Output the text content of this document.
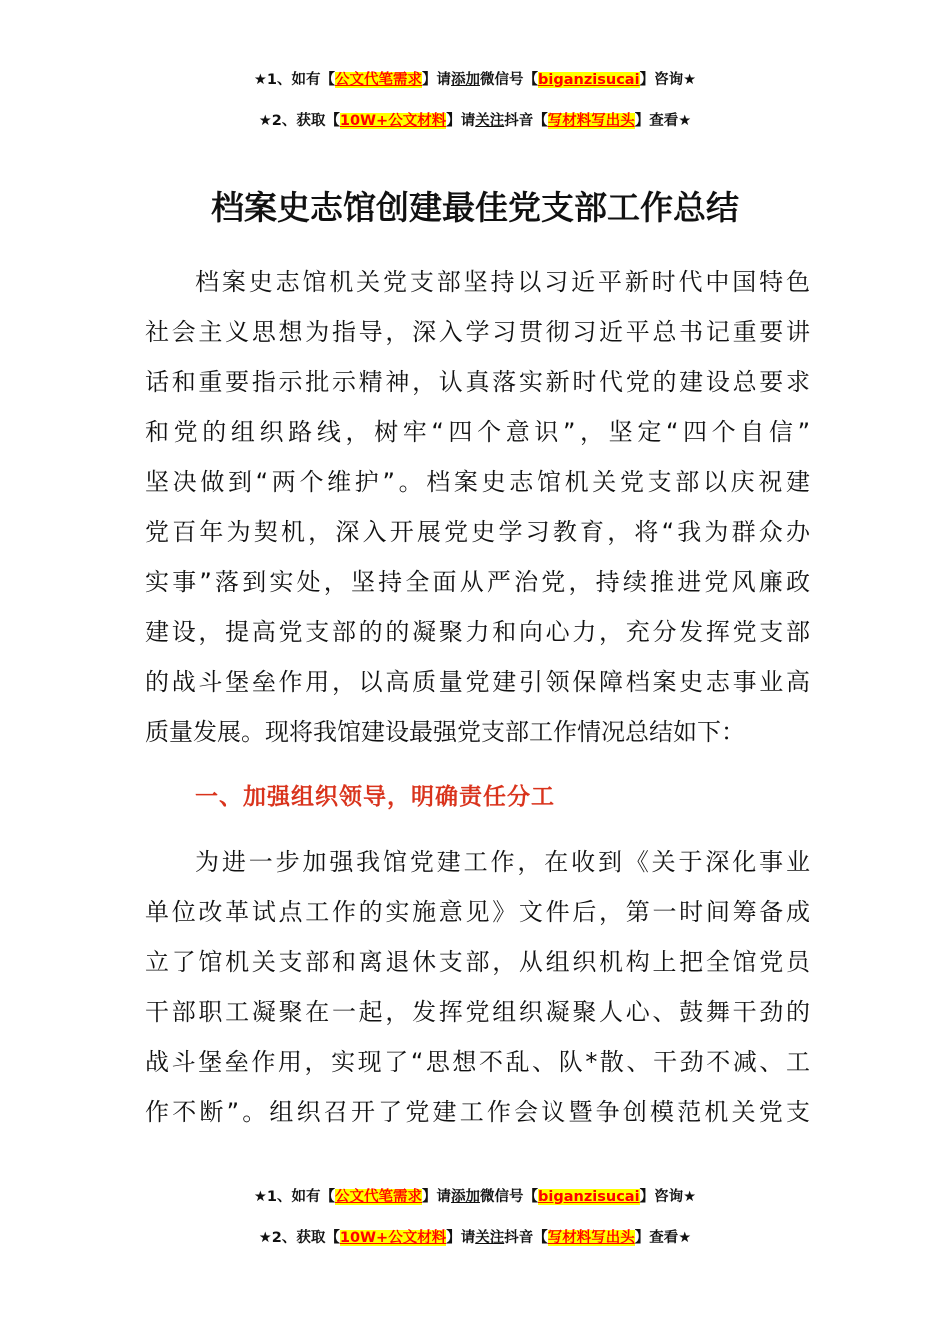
★1、如有【公文代笔需求】请添加微信号【biganzisucai】咨询★
★2、获取【10W+公文材料】请关注抖音【写材料写出头】查看★
档案史志馆创建最佳党支部工作总结
档案史志馆机关党支部坚持以习近平新时代中国特色
社会主义思想为指导，深入学习贯彻习近平总书记重要讲
话和重要指示批示精神，认真落实新时代党的建设总要求
和党的组织路线，树牢“四个意识”，坚定“四个自信”
坚决做到“两个维护”。档案史志馆机关党支部以庆祝建
党百年为契机，深入开展党史学习教育，将“我为群众办
实事”落到实处，坚持全面从严治党，持续推进党风廉政
建设，提高党支部的的凝聚力和向心力，充分发挥党支部
的战斗堡垒作用，以高质量党建引领保障档案史志事业高
质量发展。现将我馆建设最强党支部工作情况总结如下：
一、加强组织领导，明确责任分工
为进一步加强我馆党建工作，在收到《关于深化事业
单位改革试点工作的实施意见》文件后，第一时间筹备成
立了馆机关支部和离退休支部，从组织机构上把全馆党员
干部职工凝聚在一起，发挥党组织凝聚人心、鼓舞干劲的
战斗堡垒作用，实现了“思想不乱、队*散、干劲不减、工
作不断”。组织召开了党建工作会议暨争创模范机关党支
★1、如有【公文代笔需求】请添加微信号【biganzisucai】咨询★
★2、获取【10W+公文材料】请关注抖音【写材料写出头】查看★
